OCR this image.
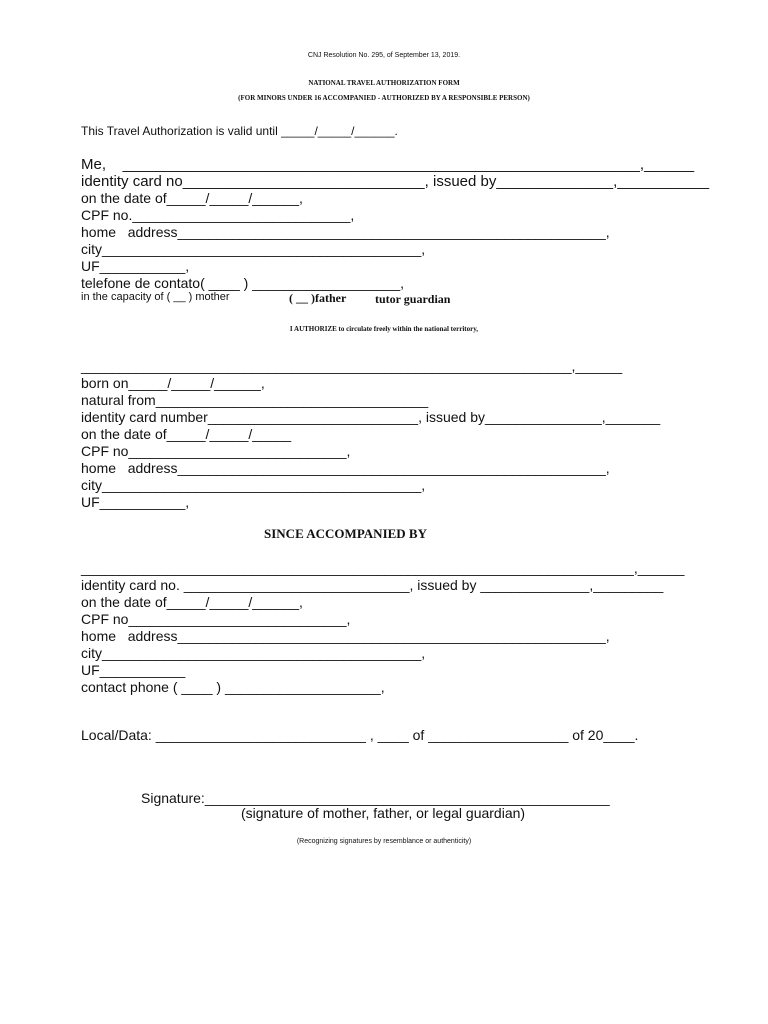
CNJ Resolution No. 295, of September 13, 2019.
NATIONAL TRAVEL AUTHORIZATION FORM
(FOR MINORS UNDER 16 ACCOMPANIED - AUTHORIZED BY A RESPONSIBLE PERSON)
This Travel Authorization is valid until _____/_____/______.
Me,    ______________________________________________________________,______
identity card no_____________________________, issued by______________,___________
on the date of_____/_____/______,
CPF no.____________________________,
home   address_______________________________________________________,
city_________________________________________,
UF___________,
telefone de contato( ____ ) ___________________,
in the capacity of ( __ ) mother	( __ )father tutor guardian
I AUTHORIZE to circulate freely within the national territory,
_______________________________________________________________,______
born on_____/_____/______,
natural from___________________________________
identity card number___________________________, issued by_______________,_______
on the date of_____/_____/_____
CPF no____________________________,
home   address_______________________________________________________,
city_________________________________________,
UF___________,
SINCE ACCOMPANIED BY
_______________________________________________________________________,______
identity card no. _____________________________, issued by ______________,_________
on the date of_____/_____/______,
CPF no____________________________,
home   address_______________________________________________________,
city_________________________________________,
UF___________
contact phone ( ____ ) ____________________,
Local/Data: ___________________________ , ____ of __________________ of 20____.
Signature:____________________________________________________
(signature of mother, father, or legal guardian)
(Recognizing signatures by resemblance or authenticity)
